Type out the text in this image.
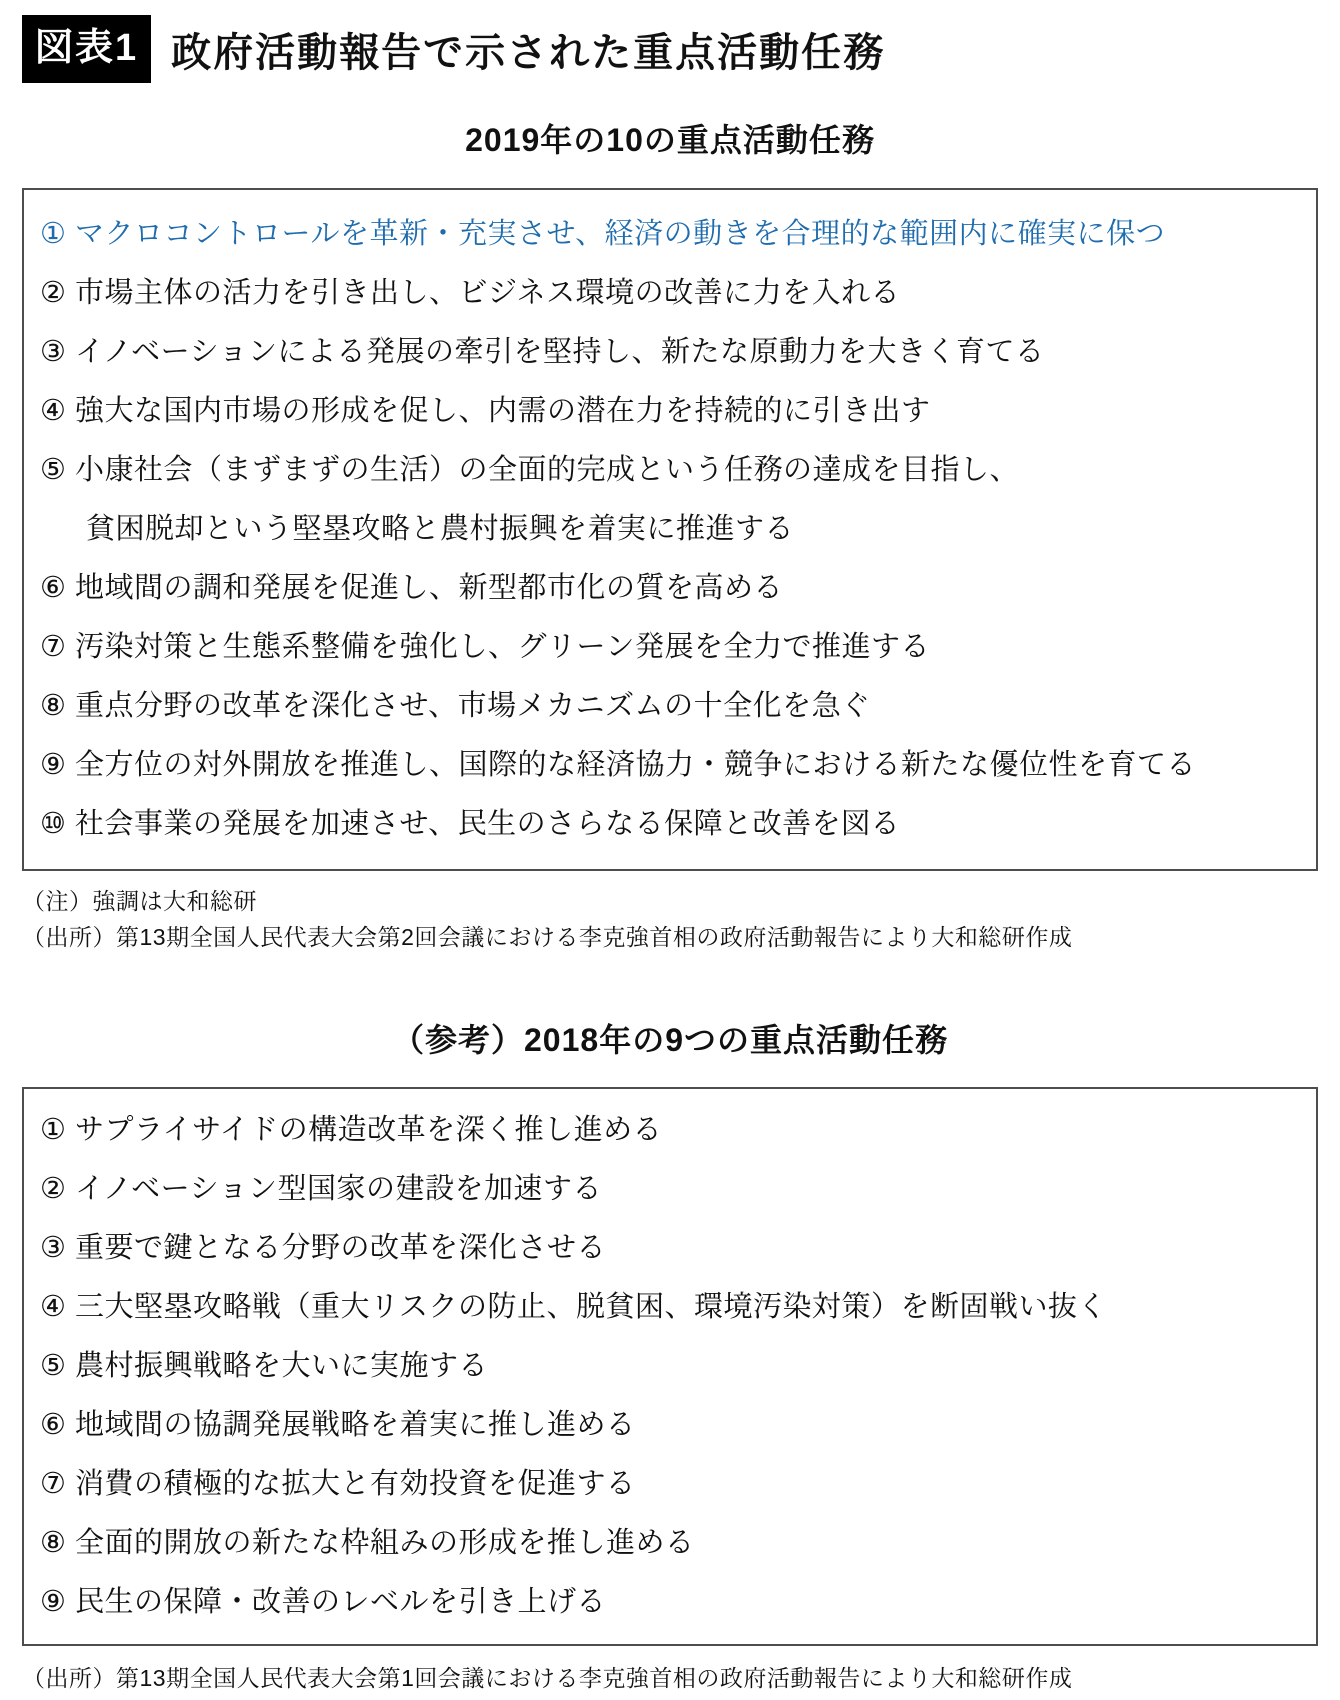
図表1 政府活動報告で示された重点活動任務
2019年の10の重点活動任務
① マクロコントロールを革新・充実させ、経済の動きを合理的な範囲内に確実に保つ
② 市場主体の活力を引き出し、ビジネス環境の改善に力を入れる
③ イノベーションによる発展の牽引を堅持し、新たな原動力を大きく育てる
④ 強大な国内市場の形成を促し、内需の潜在力を持続的に引き出す
⑤ 小康社会（まずまずの生活）の全面的完成という任務の達成を目指し、
貧困脱却という堅塁攻略と農村振興を着実に推進する
⑥ 地域間の調和発展を促進し、新型都市化の質を高める
⑦ 汚染対策と生態系整備を強化し、グリーン発展を全力で推進する
⑧ 重点分野の改革を深化させ、市場メカニズムの十全化を急ぐ
⑨ 全方位の対外開放を推進し、国際的な経済協力・競争における新たな優位性を育てる
⑩ 社会事業の発展を加速させ、民生のさらなる保障と改善を図る

（注）強調は大和総研

（出所）第13期全国人民代表大会第2回会議における李克強首相の政府活動報告により大和総研作成

（参考）2018年の9つの重点活動任務
① サプライサイドの構造改革を深く推し進める
② イノベーション型国家の建設を加速する
③ 重要で鍵となる分野の改革を深化させる
④ 三大堅塁攻略戦（重大リスクの防止、脱貧困、環境汚染対策）を断固戦い抜く
⑤ 農村振興戦略を大いに実施する
⑥ 地域間の協調発展戦略を着実に推し進める
⑦ 消費の積極的な拡大と有効投資を促進する
⑧ 全面的開放の新たな枠組みの形成を推し進める
⑨ 民生の保障・改善のレベルを引き上げる

（出所）第13期全国人民代表大会第1回会議における李克強首相の政府活動報告により大和総研作成
